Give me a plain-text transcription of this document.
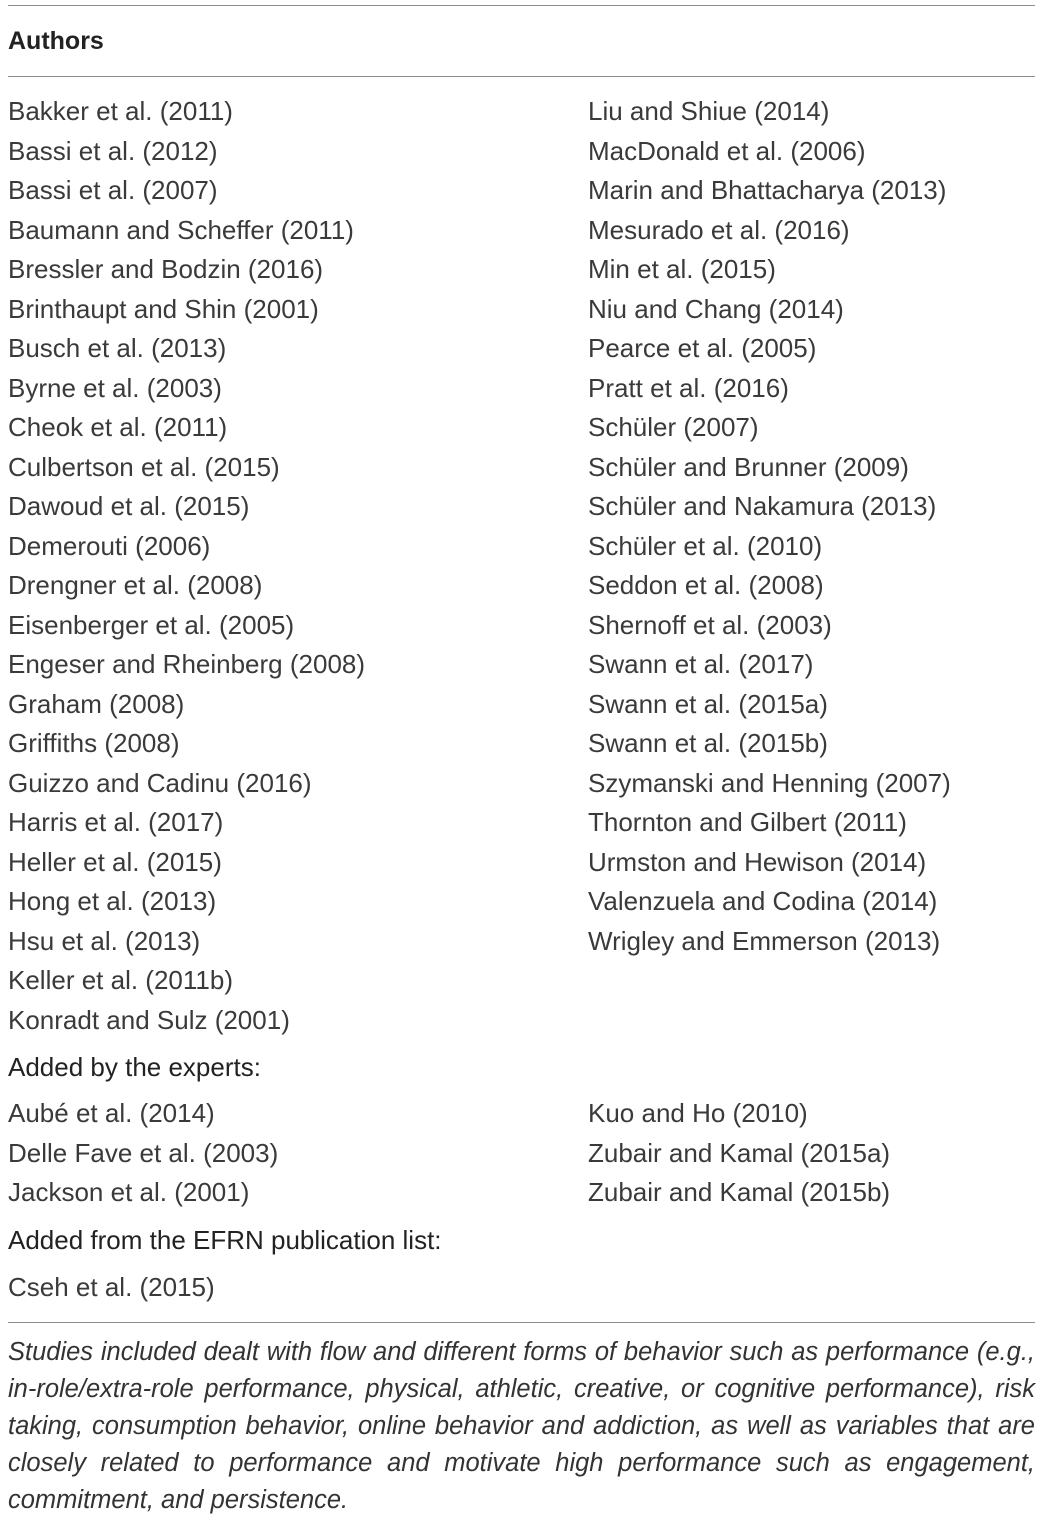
Authors
Bakker et al. (2011)
Bassi et al. (2012)
Bassi et al. (2007)
Baumann and Scheffer (2011)
Bressler and Bodzin (2016)
Brinthaupt and Shin (2001)
Busch et al. (2013)
Byrne et al. (2003)
Cheok et al. (2011)
Culbertson et al. (2015)
Dawoud et al. (2015)
Demerouti (2006)
Drengner et al. (2008)
Eisenberger et al. (2005)
Engeser and Rheinberg (2008)
Graham (2008)
Griffiths (2008)
Guizzo and Cadinu (2016)
Harris et al. (2017)
Heller et al. (2015)
Hong et al. (2013)
Hsu et al. (2013)
Keller et al. (2011b)
Konradt and Sulz (2001)
Liu and Shiue (2014)
MacDonald et al. (2006)
Marin and Bhattacharya (2013)
Mesurado et al. (2016)
Min et al. (2015)
Niu and Chang (2014)
Pearce et al. (2005)
Pratt et al. (2016)
Schüler (2007)
Schüler and Brunner (2009)
Schüler and Nakamura (2013)
Schüler et al. (2010)
Seddon et al. (2008)
Shernoff et al. (2003)
Swann et al. (2017)
Swann et al. (2015a)
Swann et al. (2015b)
Szymanski and Henning (2007)
Thornton and Gilbert (2011)
Urmston and Hewison (2014)
Valenzuela and Codina (2014)
Wrigley and Emmerson (2013)
Added by the experts:
Aubé et al. (2014)
Delle Fave et al. (2003)
Jackson et al. (2001)
Kuo and Ho (2010)
Zubair and Kamal (2015a)
Zubair and Kamal (2015b)
Added from the EFRN publication list:
Cseh et al. (2015)

Studies included dealt with flow and different forms of behavior such as performance (e.g., in-role/extra-role performance, physical, athletic, creative, or cognitive performance), risk taking, consumption behavior, online behavior and addiction, as well as variables that are closely related to performance and motivate high performance such as engagement, commitment, and persistence.
